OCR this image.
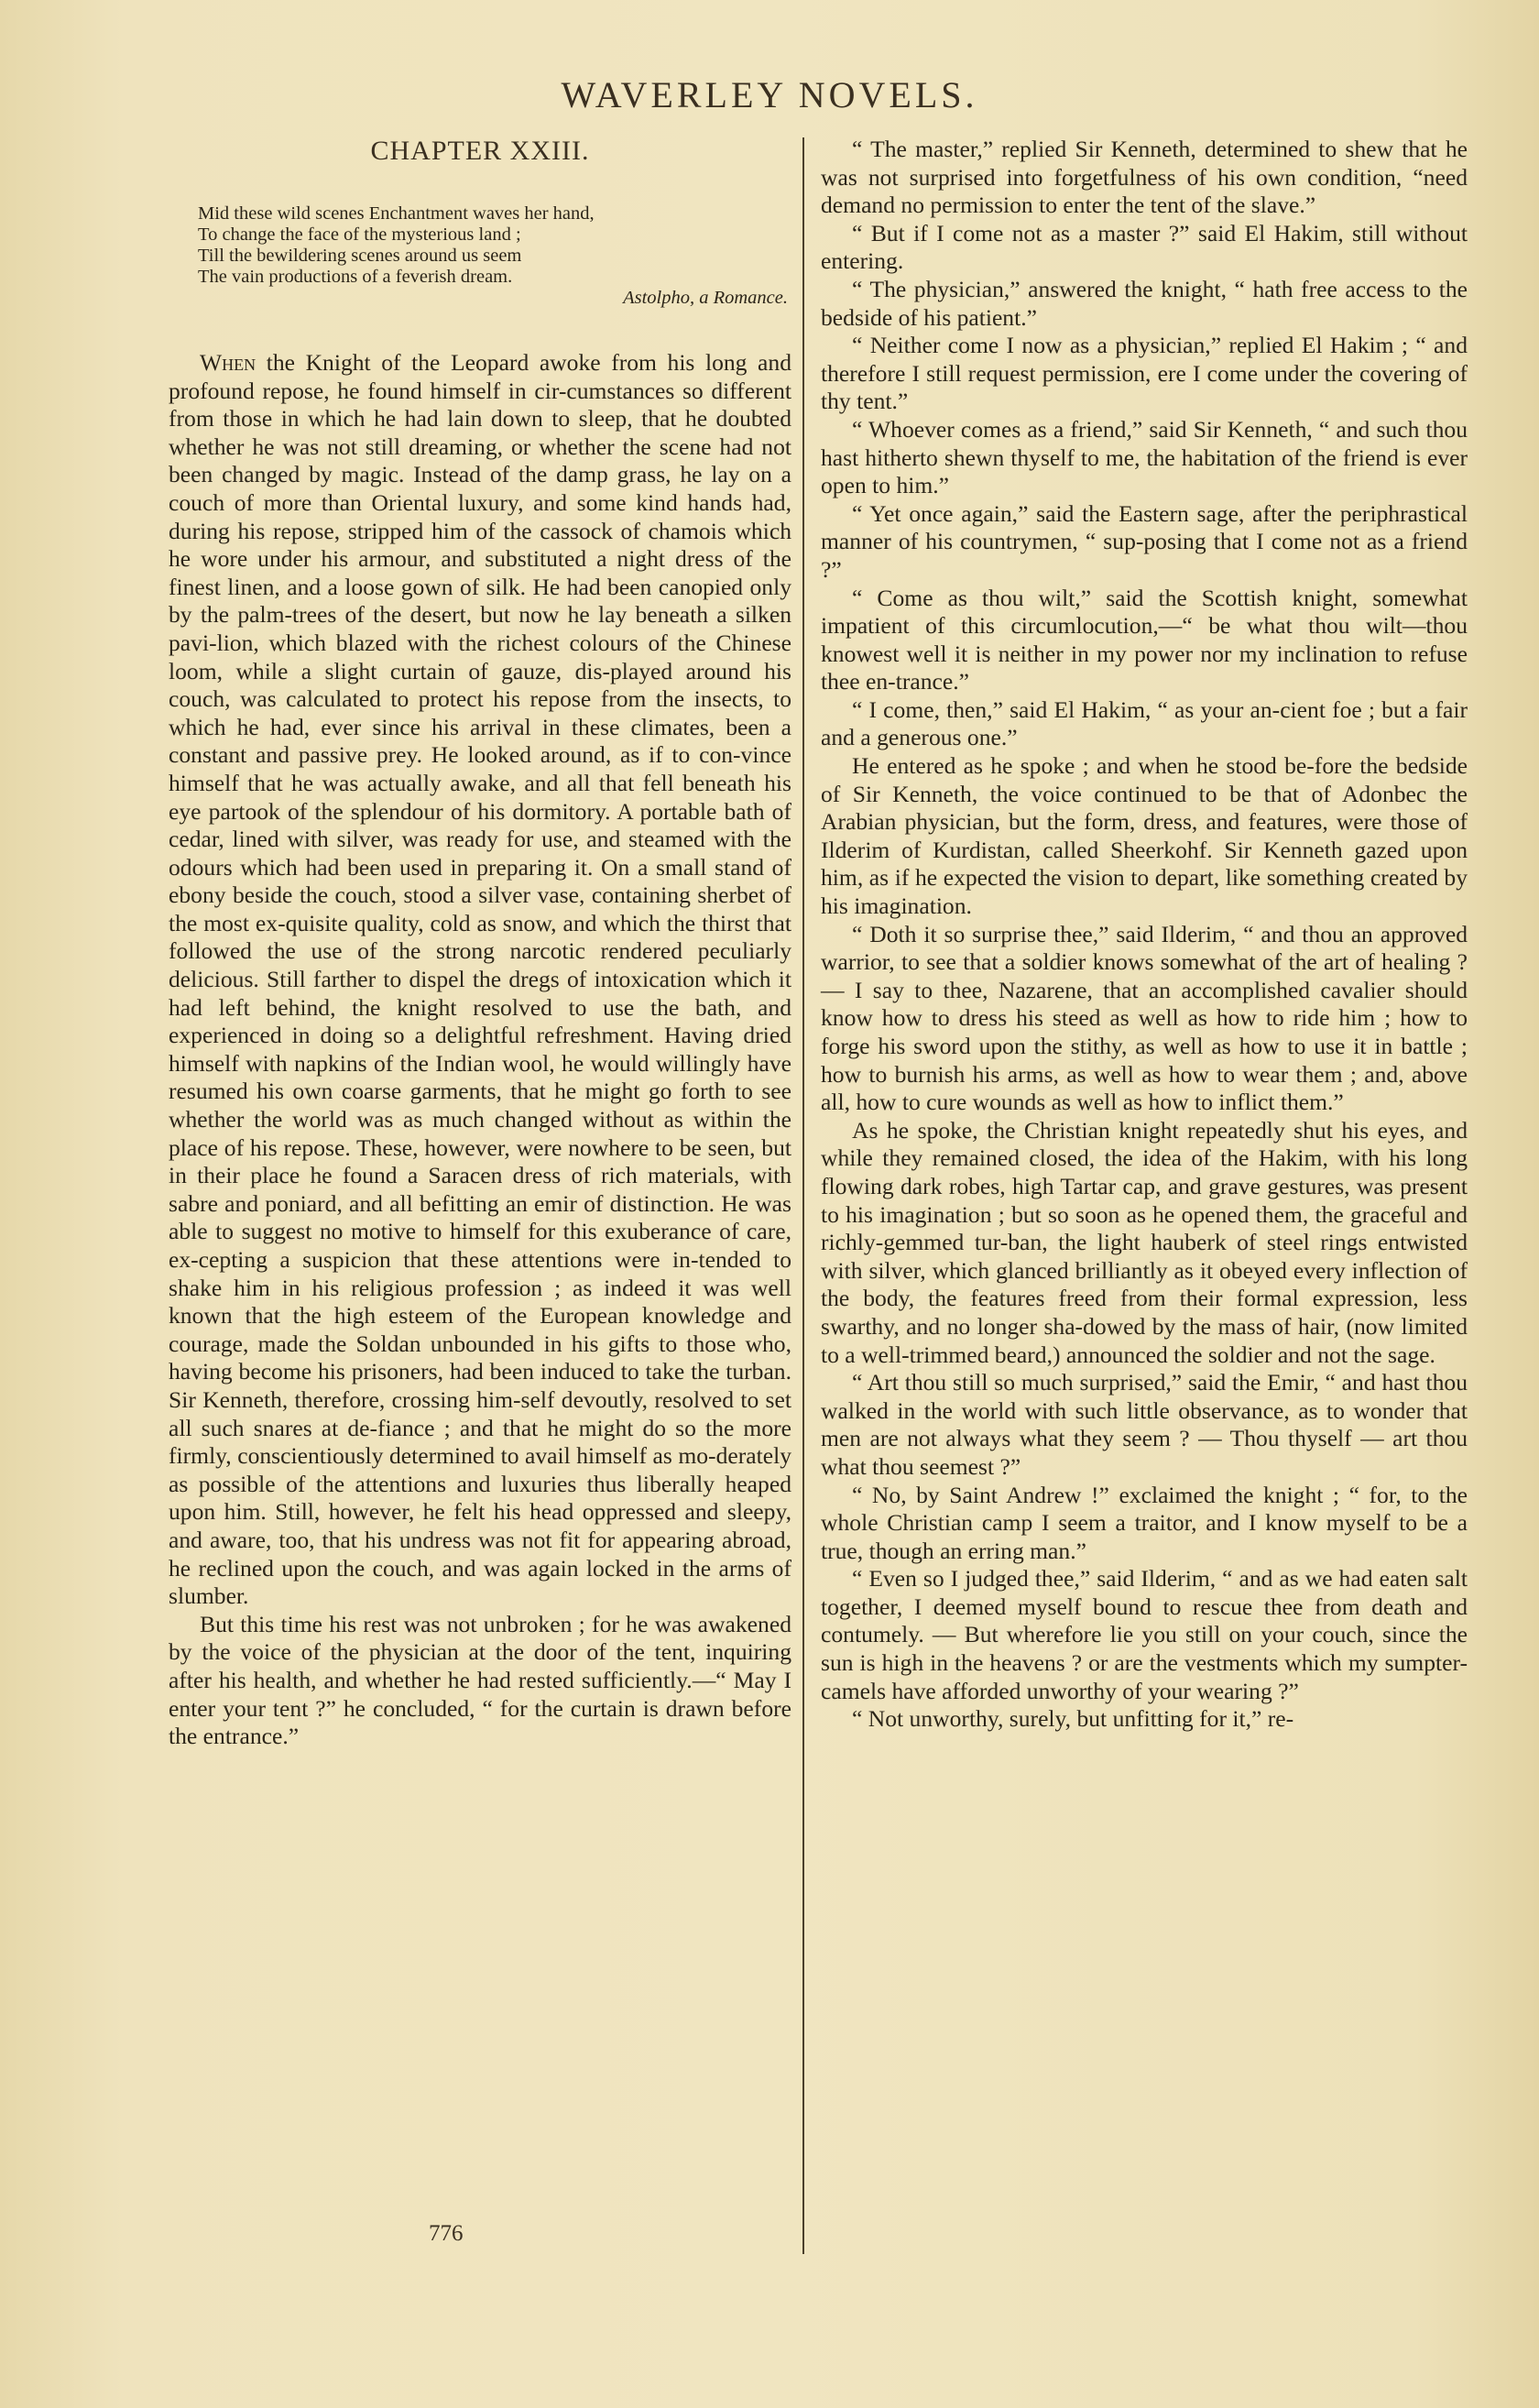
WAVERLEY NOVELS.
CHAPTER XXIII.
Mid these wild scenes Enchantment waves her hand,
To change the face of the mysterious land ;
Till the bewildering scenes around us seem
The vain productions of a feverish dream.
Astolpho, a Romance.

When the Knight of the Leopard awoke from his long and profound repose, he found himself in cir-cumstances so different from those in which he had lain down to sleep, that he doubted whether he was not still dreaming, or whether the scene had not been changed by magic. Instead of the damp grass, he lay on a couch of more than Oriental luxury, and some kind hands had, during his repose, stripped him of the cassock of chamois which he wore under his armour, and substituted a night dress of the finest linen, and a loose gown of silk. He had been canopied only by the palm-trees of the desert, but now he lay beneath a silken pavi-lion, which blazed with the richest colours of the Chinese loom, while a slight curtain of gauze, dis-played around his couch, was calculated to protect his repose from the insects, to which he had, ever since his arrival in these climates, been a constant and passive prey. He looked around, as if to con-vince himself that he was actually awake, and all that fell beneath his eye partook of the splendour of his dormitory. A portable bath of cedar, lined with silver, was ready for use, and steamed with the odours which had been used in preparing it. On a small stand of ebony beside the couch, stood a silver vase, containing sherbet of the most ex-quisite quality, cold as snow, and which the thirst that followed the use of the strong narcotic rendered peculiarly delicious. Still farther to dispel the dregs of intoxication which it had left behind, the knight resolved to use the bath, and experienced in doing so a delightful refreshment. Having dried himself with napkins of the Indian wool, he would willingly have resumed his own coarse garments, that he might go forth to see whether the world was as much changed without as within the place of his repose. These, however, were nowhere to be seen, but in their place he found a Saracen dress of rich materials, with sabre and poniard, and all befitting an emir of distinction. He was able to suggest no motive to himself for this exuberance of care, ex-cepting a suspicion that these attentions were in-tended to shake him in his religious profession ; as indeed it was well known that the high esteem of the European knowledge and courage, made the Soldan unbounded in his gifts to those who, having become his prisoners, had been induced to take the turban. Sir Kenneth, therefore, crossing him-self devoutly, resolved to set all such snares at de-fiance ; and that he might do so the more firmly, conscientiously determined to avail himself as mo-derately as possible of the attentions and luxuries thus liberally heaped upon him. Still, however, he felt his head oppressed and sleepy, and aware, too, that his undress was not fit for appearing abroad, he reclined upon the couch, and was again locked in the arms of slumber.

But this time his rest was not unbroken ; for he was awakened by the voice of the physician at the door of the tent, inquiring after his health, and whether he had rested sufficiently.—“ May I enter your tent ?” he concluded, “ for the curtain is drawn before the entrance.”

“ The master,” replied Sir Kenneth, determined to shew that he was not surprised into forgetfulness of his own condition, “need demand no permission to enter the tent of the slave.”

“ But if I come not as a master ?” said El Hakim, still without entering.

“ The physician,” answered the knight, “ hath free access to the bedside of his patient.”

“ Neither come I now as a physician,” replied El Hakim ; “ and therefore I still request permission, ere I come under the covering of thy tent.”

“ Whoever comes as a friend,” said Sir Kenneth, “ and such thou hast hitherto shewn thyself to me, the habitation of the friend is ever open to him.”

“ Yet once again,” said the Eastern sage, after the periphrastical manner of his countrymen, “ sup-posing that I come not as a friend ?”

“ Come as thou wilt,” said the Scottish knight, somewhat impatient of this circumlocution,—“ be what thou wilt—thou knowest well it is neither in my power nor my inclination to refuse thee en-trance.”

“ I come, then,” said El Hakim, “ as your an-cient foe ; but a fair and a generous one.”

He entered as he spoke ; and when he stood be-fore the bedside of Sir Kenneth, the voice continued to be that of Adonbec the Arabian physician, but the form, dress, and features, were those of Ilderim of Kurdistan, called Sheerkohf. Sir Kenneth gazed upon him, as if he expected the vision to depart, like something created by his imagination.

“ Doth it so surprise thee,” said Ilderim, “ and thou an approved warrior, to see that a soldier knows somewhat of the art of healing ? — I say to thee, Nazarene, that an accomplished cavalier should know how to dress his steed as well as how to ride him ; how to forge his sword upon the stithy, as well as how to use it in battle ; how to burnish his arms, as well as how to wear them ; and, above all, how to cure wounds as well as how to inflict them.”

As he spoke, the Christian knight repeatedly shut his eyes, and while they remained closed, the idea of the Hakim, with his long flowing dark robes, high Tartar cap, and grave gestures, was present to his imagination ; but so soon as he opened them, the graceful and richly-gemmed tur-ban, the light hauberk of steel rings entwisted with silver, which glanced brilliantly as it obeyed every inflection of the body, the features freed from their formal expression, less swarthy, and no longer sha-dowed by the mass of hair, (now limited to a well-trimmed beard,) announced the soldier and not the sage.

“ Art thou still so much surprised,” said the Emir, “ and hast thou walked in the world with such little observance, as to wonder that men are not always what they seem ? — Thou thyself — art thou what thou seemest ?”

“ No, by Saint Andrew !” exclaimed the knight ; “ for, to the whole Christian camp I seem a traitor, and I know myself to be a true, though an erring man.”

“ Even so I judged thee,” said Ilderim, “ and as we had eaten salt together, I deemed myself bound to rescue thee from death and contumely. — But wherefore lie you still on your couch, since the sun is high in the heavens ? or are the vestments which my sumpter-camels have afforded unworthy of your wearing ?”

“ Not unworthy, surely, but unfitting for it,” re-

776
